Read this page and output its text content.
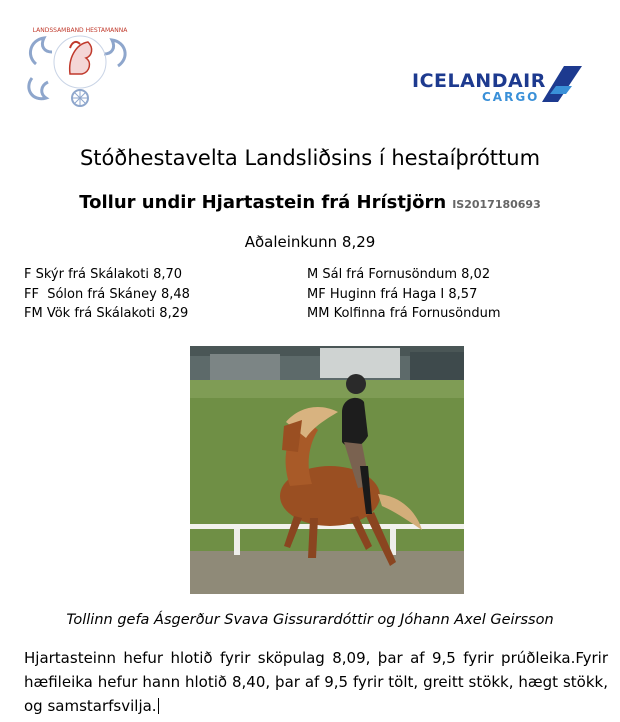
LANDSSAMBAND HESTAMANNA
ICELANDAIR
CARGO
Stóðhestavelta Landsliðsins í hestaíþróttum
Tollur undir Hjartastein frá Hrístjörn IS2017180693
Aðaleinkunn 8,29
F Skýr frá Skálakoti 8,70
FF  Sólon frá Skáney 8,48
FM Vök frá Skálakoti 8,29
M Sál frá Fornusöndum 8,02
MF Huginn frá Haga I 8,57
MM Kolfinna frá Fornusöndum
Tollinn gefa Ásgerður Svava Gissurardóttir og Jóhann Axel Geirsson
Hjartasteinn hefur hlotið fyrir sköpulag 8,09, þar af 9,5 fyrir prúðleika.Fyrir hæfileika hefur hann hlotið 8,40, þar af 9,5 fyrir tölt, greitt stökk, hægt stökk, og samstarfsvilja.
